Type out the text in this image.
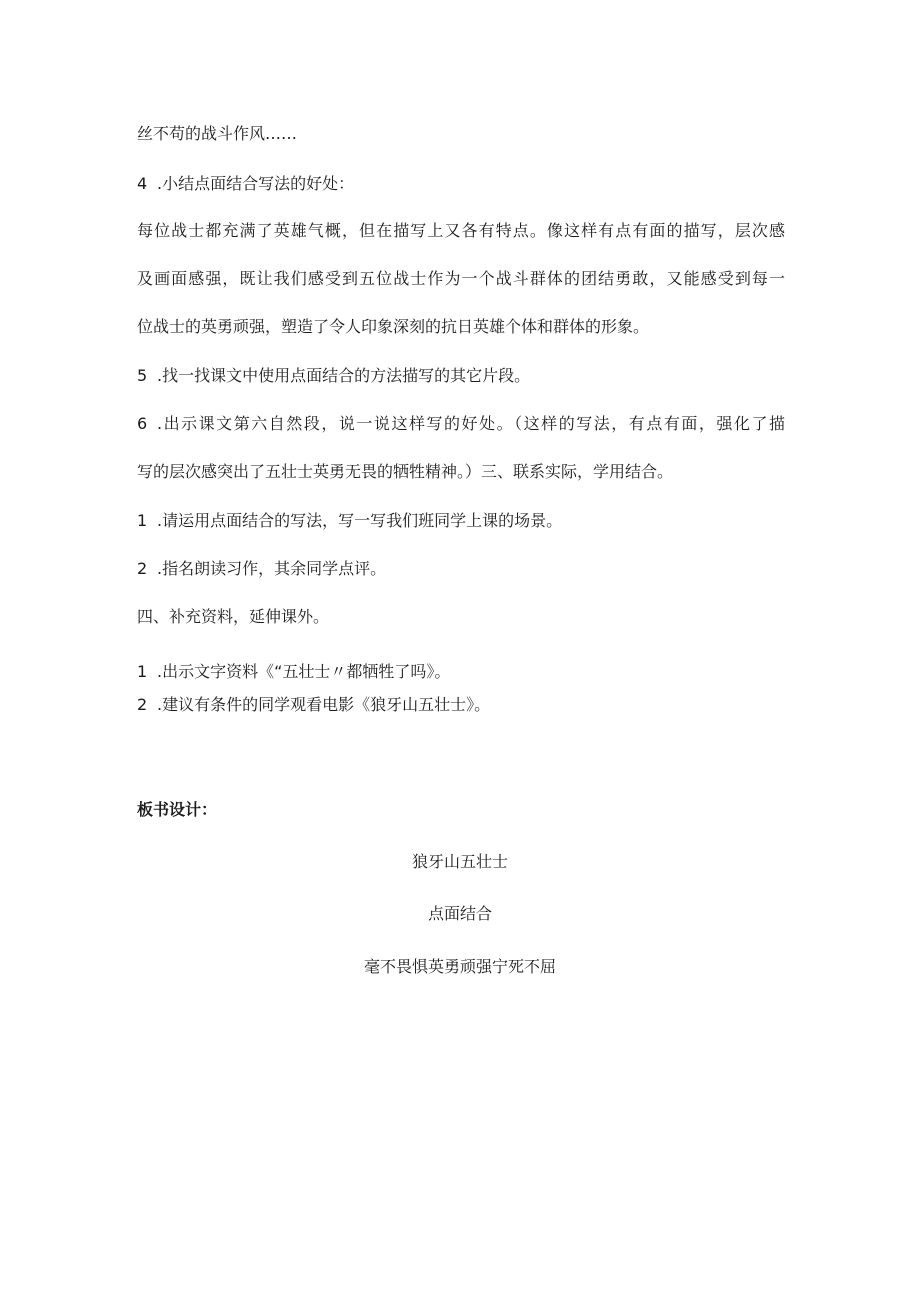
丝不苟的战斗作风……
4 .小结点面结合写法的好处：
每位战士都充满了英雄气概，但在描写上又各有特点。像这样有点有面的描写，层次感
及画面感强，既让我们感受到五位战士作为一个战斗群体的团结勇敢，又能感受到每一
位战士的英勇顽强，塑造了令人印象深刻的抗日英雄个体和群体的形象。
5 .找一找课文中使用点面结合的方法描写的其它片段。
6 .出示课文第六自然段，说一说这样写的好处。（这样的写法，有点有面，强化了描
写的层次感突出了五壮士英勇无畏的牺牲精神。）三、联系实际，学用结合。
1 .请运用点面结合的写法，写一写我们班同学上课的场景。
2 .指名朗读习作，其余同学点评。
四、补充资料，延伸课外。
1 .出示文字资料《“五壮士〃都牺牲了吗》。
2 .建议有条件的同学观看电影《狼牙山五壮士》。
板书设计：
狼牙山五壮士
点面结合
毫不畏惧英勇顽强宁死不屈
